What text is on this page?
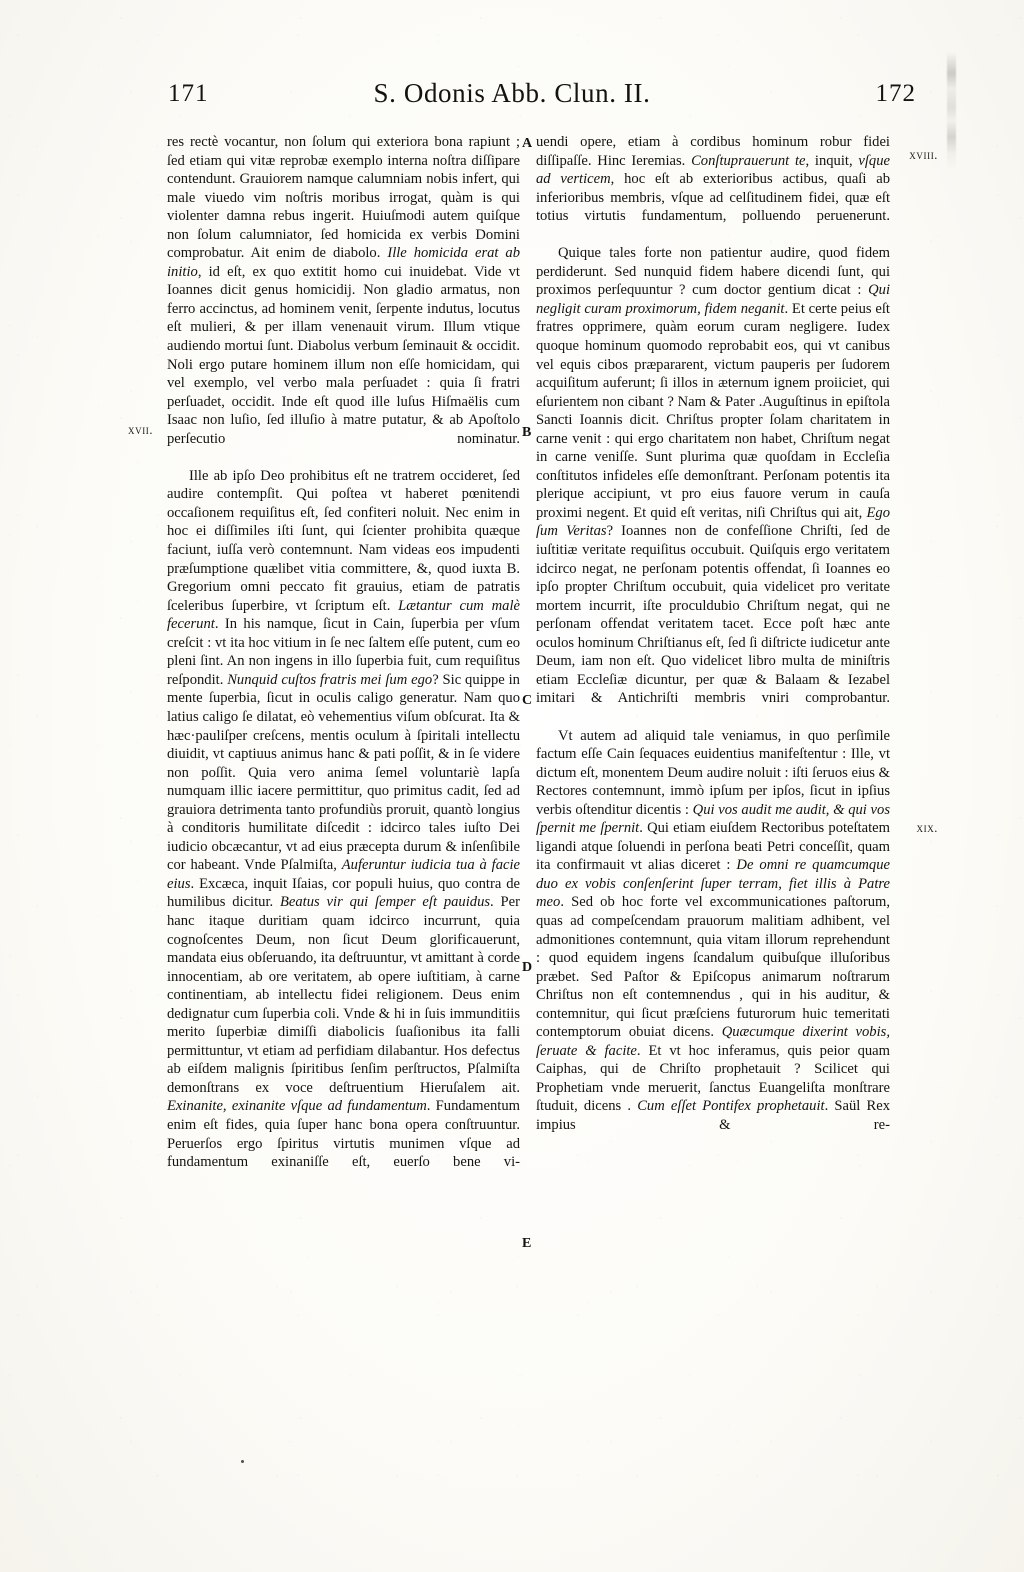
171	S. Odonis Abb. Clun. II.	172
xvii.
xviii.
xix.
A
B
C
D
E

res rectè vocantur, non ſolum qui exteriora bona rapiunt ; ſed etiam qui vitæ reprobæ exemplo interna noſtra diſſipare contendunt. Grauiorem namque calumniam nobis infert, qui male viuedo vim noſtris moribus irrogat, quàm is qui violenter damna rebus ingerit. Huiuſmodi autem quiſque non ſolum calumniator, ſed homicida ex verbis Domini comprobatur. Ait enim de diabolo. Ille homicida erat ab initio, id eſt, ex quo extitit homo cui inuidebat. Vide vt Ioannes dicit genus homicidij. Non gladio armatus, non ferro accinctus, ad hominem venit, ſerpente indutus, locutus eſt mulieri, & per illam venenauit virum. Illum vtique audiendo mortui ſunt. Diabolus verbum ſeminauit & occidit. Noli ergo putare hominem illum non eſſe homicidam, qui vel exemplo, vel verbo mala perſuadet : quia ſi fratri perſuadet, occidit. Inde eſt quod ille luſus Hiſmaëlis cum Isaac non luſio, ſed illuſio à matre putatur, & ab Apoſtolo perſecutio nominatur.

Ille ab ipſo Deo prohibitus eſt ne tratrem occideret, ſed audire contempſit. Qui poſtea vt haberet pœnitendi occaſionem requiſitus eſt, ſed confiteri noluit. Nec enim in hoc ei diſſimiles iſti ſunt, qui ſcienter prohibita quæque faciunt, iuſſa verò contemnunt. Nam videas eos impudenti præſumptione quælibet vitia committere, &, quod iuxta B. Gregorium omni peccato fit grauius, etiam de patratis ſceleribus ſuperbire, vt ſcriptum eſt. Lætantur cum malè fecerunt. In his namque, ſicut in Cain, ſuperbia per vſum creſcit : vt ita hoc vitium in ſe nec ſaltem eſſe putent, cum eo pleni ſint. An non ingens in illo ſuperbia fuit, cum requiſitus reſpondit. Nunquid cuſtos fratris mei ſum ego? Sic quippe in mente ſuperbia, ſicut in oculis caligo generatur. Nam quo latius caligo ſe dilatat, eò vehementius viſum obſcurat. Ita & hæc·pauliſper creſcens, mentis oculum à ſpiritali intellectu diuidit, vt captiuus animus hanc & pati poſſit, & in ſe videre non poſſit. Quia vero anima ſemel voluntariè lapſa numquam illic iacere permittitur, quo primitus cadit, ſed ad grauiora detrimenta tanto profundiùs proruit, quantò longius à conditoris humilitate diſcedit : idcirco tales iuſto Dei iudicio obcæcantur, vt ad eius præcepta durum & inſenſibile cor habeant. Vnde Pſalmiſta, Auferuntur iudicia tua à facie eius. Excæca, inquit Iſaias, cor populi huius, quo contra de humilibus dicitur. Beatus vir qui ſemper eſt pauidus. Per hanc itaque duritiam quam idcirco incurrunt, quia cognoſcentes Deum, non ſicut Deum glorificauerunt, mandata eius obſeruando, ita deſtruuntur, vt amittant à corde innocentiam, ab ore veritatem, ab opere iuſtitiam, à carne continentiam, ab intellectu fidei religionem. Deus enim dedignatur cum ſuperbia coli. Vnde & hi in ſuis immunditiis merito ſuperbiæ dimiſſi diabolicis ſuaſionibus ita falli permittuntur, vt etiam ad perfidiam dilabantur. Hos defectus ab eiſdem malignis ſpiritibus ſenſim perſtructos, Pſalmiſta demonſtrans ex voce deſtruentium Hieruſalem ait. Exinanite, exinanite vſque ad fundamentum. Fundamentum enim eſt fides, quia ſuper hanc bona opera conſtruuntur. Peruerſos ergo ſpiritus virtutis munimen vſque ad fundamentum exinaniſſe eſt, euerſo bene vi-

uendi opere, etiam à cordibus hominum robur fidei diſſipaſſe. Hinc Ieremias. Conſtuprauerunt te, inquit, vſque ad verticem, hoc eſt ab exterioribus actibus, quaſi ab inferioribus membris, vſque ad celſitudinem fidei, quæ eſt totius virtutis fundamentum, polluendo peruenerunt.

Quique tales forte non patientur audire, quod fidem perdiderunt. Sed nunquid fidem habere dicendi ſunt, qui proximos perſequuntur ? cum doctor gentium dicat : Qui negligit curam proximorum, fidem neganit. Et certe peius eſt fratres opprimere, quàm eorum curam negligere. Iudex quoque hominum quomodo reprobabit eos, qui vt canibus vel equis cibos præpararent, victum pauperis per ſudorem acquiſitum auferunt; ſi illos in æternum ignem proiiciet, qui eſurientem non cibant ? Nam & Pater .Auguſtinus in epiſtola Sancti Ioannis dicit. Chriſtus propter ſolam charitatem in carne venit : qui ergo charitatem non habet, Chriſtum negat in carne veniſſe. Sunt plurima quæ quoſdam in Eccleſia conſtitutos infideles eſſe demonſtrant. Perſonam potentis ita plerique accipiunt, vt pro eius fauore verum in cauſa proximi negent. Et quid eſt veritas, niſi Chriſtus qui ait, Ego ſum Veritas? Ioannes non de confeſſione Chriſti, ſed de iuſtitiæ veritate requiſitus occubuit. Quiſquis ergo veritatem idcirco negat, ne perſonam potentis offendat, ſi Ioannes eo ipſo propter Chriſtum occubuit, quia videlicet pro veritate mortem incurrit, iſte proculdubio Chriſtum negat, qui ne perſonam offendat veritatem tacet. Ecce poſt hæc ante oculos hominum Chriſtianus eſt, ſed ſi diſtricte iudicetur ante Deum, iam non eſt. Quo videlicet libro multa de miniſtris etiam Eccleſiæ dicuntur, per quæ & Balaam & Iezabel imitari & Antichriſti membris vniri comprobantur.

Vt autem ad aliquid tale veniamus, in quo perſimile factum eſſe Cain ſequaces euidentius manifeſtentur : Ille, vt dictum eſt, monentem Deum audire noluit : iſti ſeruos eius & Rectores contemnunt, immò ipſum per ipſos, ſicut in ipſius verbis oſtenditur dicentis : Qui vos audit me audit, & qui vos ſpernit me ſpernit. Qui etiam eiuſdem Rectoribus poteſtatem ligandi atque ſoluendi in perſona beati Petri conceſſit, quam ita confirmauit vt alias diceret : De omni re quamcumque duo ex vobis conſenſerint ſuper terram, fiet illis à Patre meo. Sed ob hoc forte vel excommunicationes paſtorum, quas ad compeſcendam prauorum malitiam adhibent, vel admonitiones contemnunt, quia vitam illorum reprehendunt : quod equidem ingens ſcandalum quibuſque illuſoribus præbet. Sed Paſtor & Epiſcopus animarum noſtrarum Chriſtus non eſt contemnendus , qui in his auditur, & contemnitur, qui ſicut præſciens futurorum huic temeritati contemptorum obuiat dicens. Quæcumque dixerint vobis, ſeruate & facite. Et vt hoc inferamus, quis peior quam Caiphas, qui de Chriſto prophetauit ? Scilicet qui Prophetiam vnde meruerit, ſanctus Euangeliſta monſtrare ſtuduit, dicens . Cum eſſet Pontifex prophetauit. Saül Rex impius & re-
